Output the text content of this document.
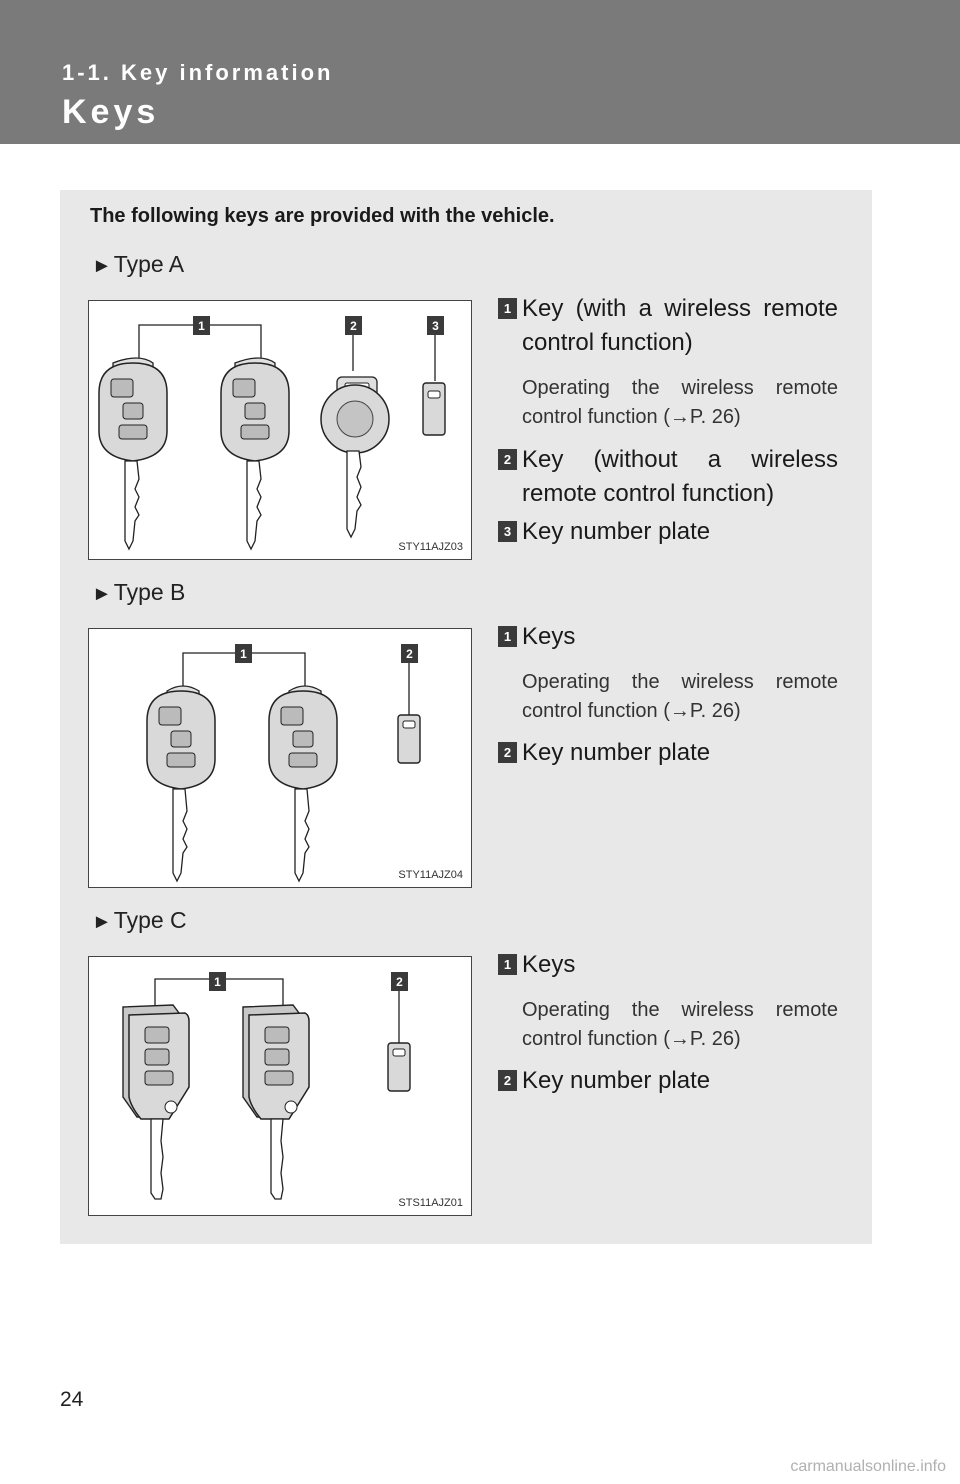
1-1. Key information
Keys
The following keys are provided with the vehicle.
►Type A
1	2	3
STY11AJZ03
1 Key (with a wireless remote control function)
Operating the wireless remote control function (→P. 26)
2 Key (without a wireless remote control function)
3 Key number plate
►Type B
1	2
STY11AJZ04
1 Keys
Operating the wireless remote control function (→P. 26)
2 Key number plate
►Type C
1	2
STS11AJZ01
1 Keys
Operating the wireless remote control function (→P. 26)
2 Key number plate
24
carmanualsonline.info
